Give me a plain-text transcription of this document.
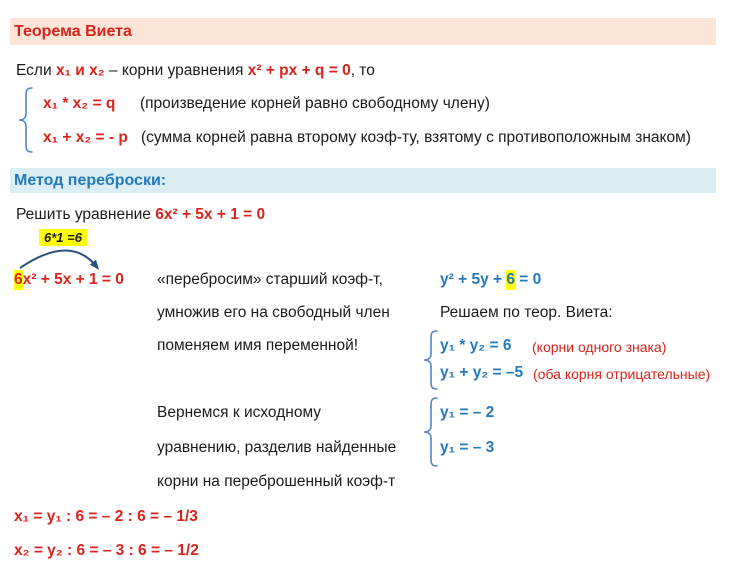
Теорема Виета
Если x₁ и x₂ – корни уравнения x² + px + q = 0 , то
x₁ * x₂ = q (произведение корней равно свободному члену)
x₁ + x₂ = - p (сумма корней равна второму коэф-ту, взятому с противоположным знаком)
Метод переброски:
Решить уравнение 6x² + 5x + 1 = 0
6*1 =6
6 x² + 5x + 1 = 0 «перебросим» старший коэф-т,
умножив его на свободный член
поменяем имя переменной!
y² + 5y + 6 = 0
Решаем по теор. Виета:
y₁ * y₂ = 6 (корни одного знака)
y₁ + y₂ = –5 (оба корня отрицательные)
Вернемся к исходному
уравнению, разделив найденные
корни на переброшенный коэф-т
y₁ = – 2
y₁ = – 3
x₁ = y₁ : 6 = – 2 : 6 = – 1/3
x₂ = y₂ : 6 = – 3 : 6 = – 1/2
